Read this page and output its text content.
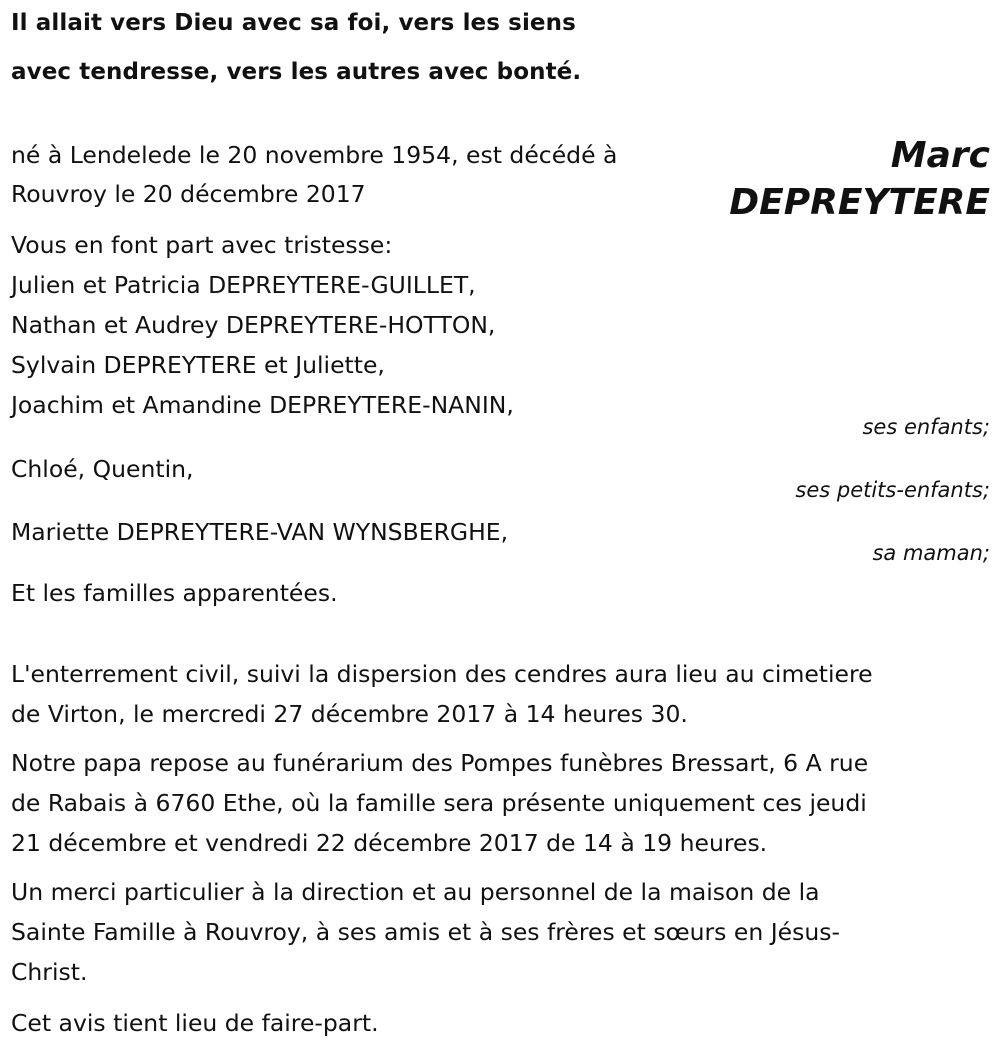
Il allait vers Dieu avec sa foi, vers les siens
avec tendresse, vers les autres avec bonté.
Marc
DEPREYTERE
né à Lendelede le 20 novembre 1954, est décédé à
Rouvroy le 20 décembre 2017
Vous en font part avec tristesse:
Julien et Patricia DEPREYTERE-GUILLET,
Nathan et Audrey DEPREYTERE-HOTTON,
Sylvain DEPREYTERE et Juliette,
Joachim et Amandine DEPREYTERE-NANIN,
ses enfants;
Chloé, Quentin,
ses petits-enfants;
Mariette DEPREYTERE-VAN WYNSBERGHE,
sa maman;
Et les familles apparentées.
L'enterrement civil, suivi la dispersion des cendres aura lieu au cimetiere
de Virton, le mercredi 27 décembre 2017 à 14 heures 30.
Notre papa repose au funérarium des Pompes funèbres Bressart, 6 A rue
de Rabais à 6760 Ethe, où la famille sera présente uniquement ces jeudi
21 décembre et vendredi 22 décembre 2017 de 14 à 19 heures.
Un merci particulier à la direction et au personnel de la maison de la
Sainte Famille à Rouvroy, à ses amis et à ses frères et sœurs en Jésus-
Christ.
Cet avis tient lieu de faire-part.
